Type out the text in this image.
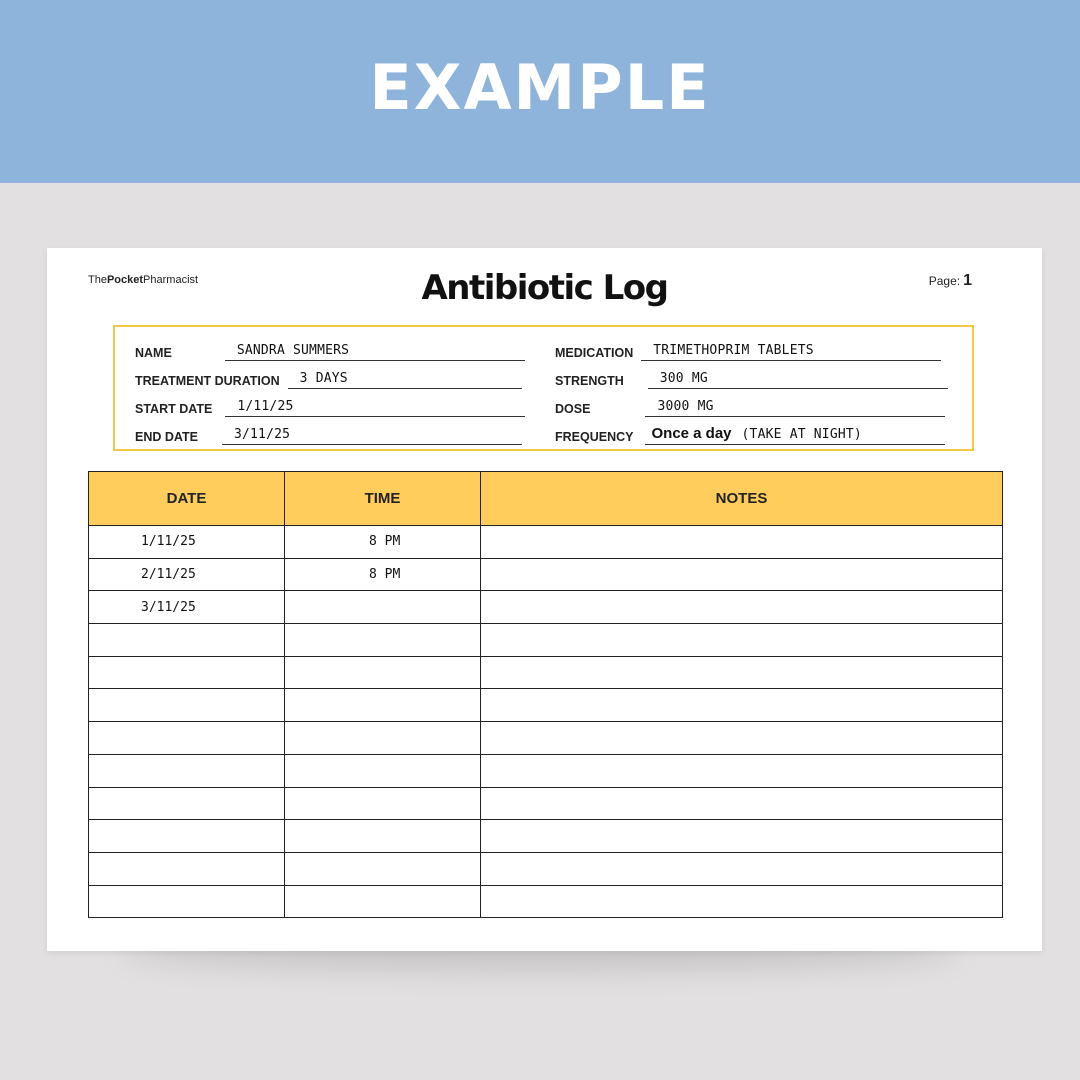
EXAMPLE
ThePocketPharmacist	Antibiotic Log	Page: 1
NAME	SANDRA SUMMERS
TREATMENT DURATION 3 DAYS
START DATE 1/11/25
END DATE	3/11/25
MEDICATION TRIMETHOPRIM TABLETS
STRENGTH	300 MG
DOSE	3000 MG
FREQUENCY Once a day (TAKE AT NIGHT)
DATE	TIME	NOTES
1/11/25	8 PM	
2/11/25	8 PM	
3/11/25		
